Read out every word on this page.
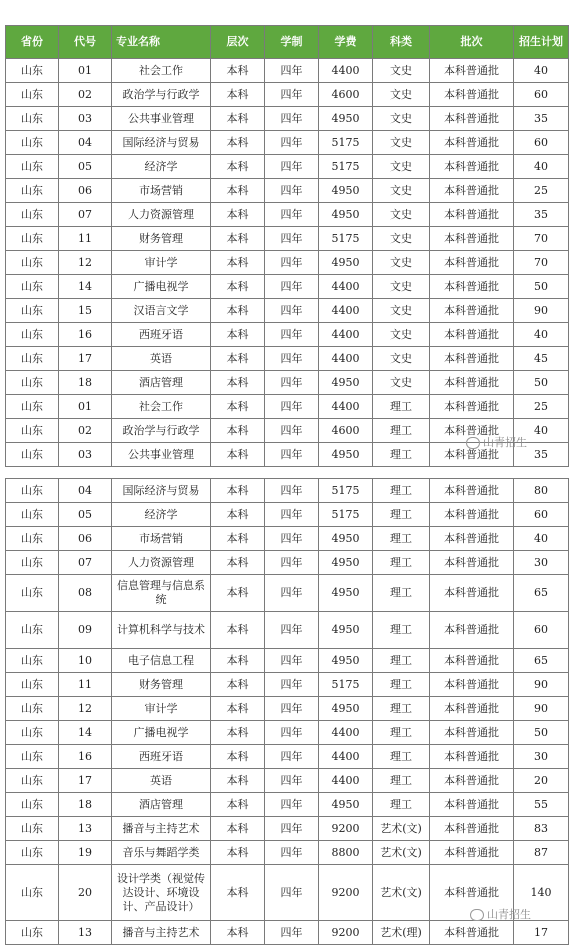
省份	代号	专业名称	层次	学制	学费	科类	批次	招生计划
山东	01	社会工作	本科	四年	4400	文史	本科普通批	40
山东	02	政治学与行政学	本科	四年	4600	文史	本科普通批	60
山东	03	公共事业管理	本科	四年	4950	文史	本科普通批	35
山东	04	国际经济与贸易	本科	四年	5175	文史	本科普通批	60
山东	05	经济学	本科	四年	5175	文史	本科普通批	40
山东	06	市场营销	本科	四年	4950	文史	本科普通批	25
山东	07	人力资源管理	本科	四年	4950	文史	本科普通批	35
山东	11	财务管理	本科	四年	5175	文史	本科普通批	70
山东	12	审计学	本科	四年	4950	文史	本科普通批	70
山东	14	广播电视学	本科	四年	4400	文史	本科普通批	50
山东	15	汉语言文学	本科	四年	4400	文史	本科普通批	90
山东	16	西班牙语	本科	四年	4400	文史	本科普通批	40
山东	17	英语	本科	四年	4400	文史	本科普通批	45
山东	18	酒店管理	本科	四年	4950	文史	本科普通批	50
山东	01	社会工作	本科	四年	4400	理工	本科普通批	25
山东	02	政治学与行政学	本科	四年	4600	理工	本科普通批	40
山东	03	公共事业管理	本科	四年	4950	理工	本科普通批	35
山东	04	国际经济与贸易	本科	四年	5175	理工	本科普通批	80
山东	05	经济学	本科	四年	5175	理工	本科普通批	60
山东	06	市场营销	本科	四年	4950	理工	本科普通批	40
山东	07	人力资源管理	本科	四年	4950	理工	本科普通批	30
山东	08	信息管理与信息系统	本科	四年	4950	理工	本科普通批	65
山东	09	计算机科学与技术	本科	四年	4950	理工	本科普通批	60
山东	10	电子信息工程	本科	四年	4950	理工	本科普通批	65
山东	11	财务管理	本科	四年	5175	理工	本科普通批	90
山东	12	审计学	本科	四年	4950	理工	本科普通批	90
山东	14	广播电视学	本科	四年	4400	理工	本科普通批	50
山东	16	西班牙语	本科	四年	4400	理工	本科普通批	30
山东	17	英语	本科	四年	4400	理工	本科普通批	20
山东	18	酒店管理	本科	四年	4950	理工	本科普通批	55
山东	13	播音与主持艺术	本科	四年	9200	艺术(文)	本科普通批	83
山东	19	音乐与舞蹈学类	本科	四年	8800	艺术(文)	本科普通批	87
山东	20	设计学类（视觉传达设计、环境设计、产品设计）	本科	四年	9200	艺术(文)	本科普通批	140
山东	13	播音与主持艺术	本科	四年	9200	艺术(理)	本科普通批	17
山青招生
山青招生
